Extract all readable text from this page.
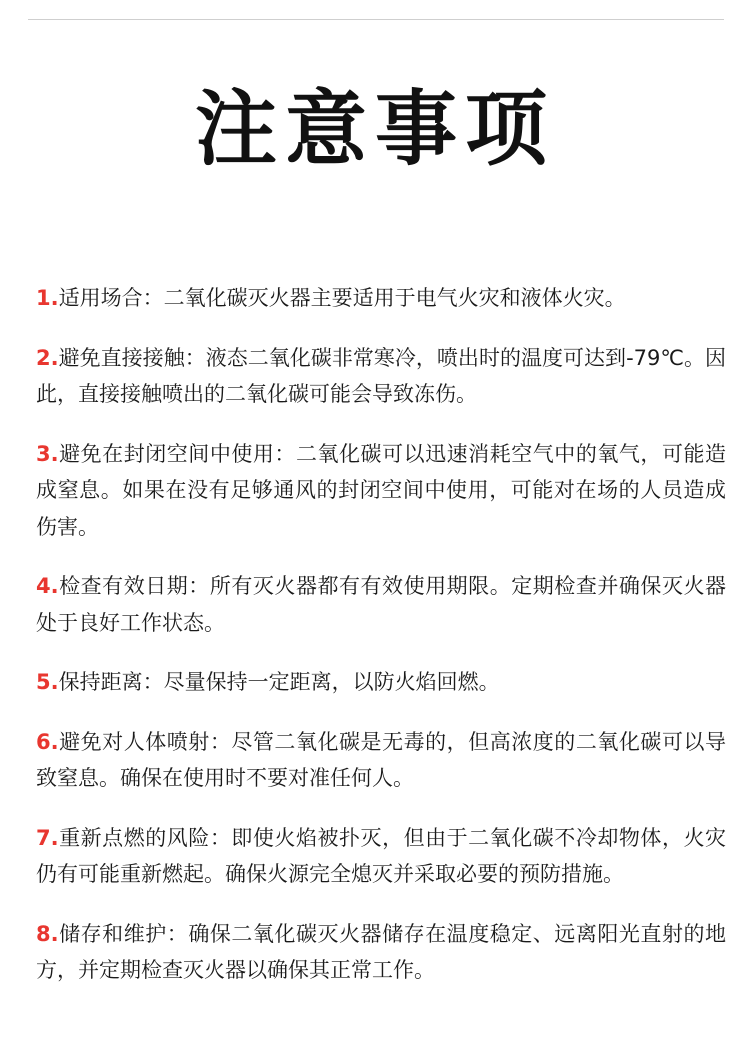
注意事项
1.适用场合：二氧化碳灭火器主要适用于电气火灾和液体火灾。
2.避免直接接触：液态二氧化碳非常寒冷，喷出时的温度可达到-79℃。因此，直接接触喷出的二氧化碳可能会导致冻伤。
3.避免在封闭空间中使用：二氧化碳可以迅速消耗空气中的氧气，可能造成窒息。如果在没有足够通风的封闭空间中使用，可能对在场的人员造成伤害。
4.检查有效日期：所有灭火器都有有效使用期限。定期检查并确保灭火器处于良好工作状态。
5.保持距离：尽量保持一定距离，以防火焰回燃。
6.避免对人体喷射：尽管二氧化碳是无毒的，但高浓度的二氧化碳可以导致窒息。确保在使用时不要对准任何人。
7.重新点燃的风险：即使火焰被扑灭，但由于二氧化碳不冷却物体，火灾仍有可能重新燃起。确保火源完全熄灭并采取必要的预防措施。
8.储存和维护：确保二氧化碳灭火器储存在温度稳定、远离阳光直射的地方，并定期检查灭火器以确保其正常工作。
